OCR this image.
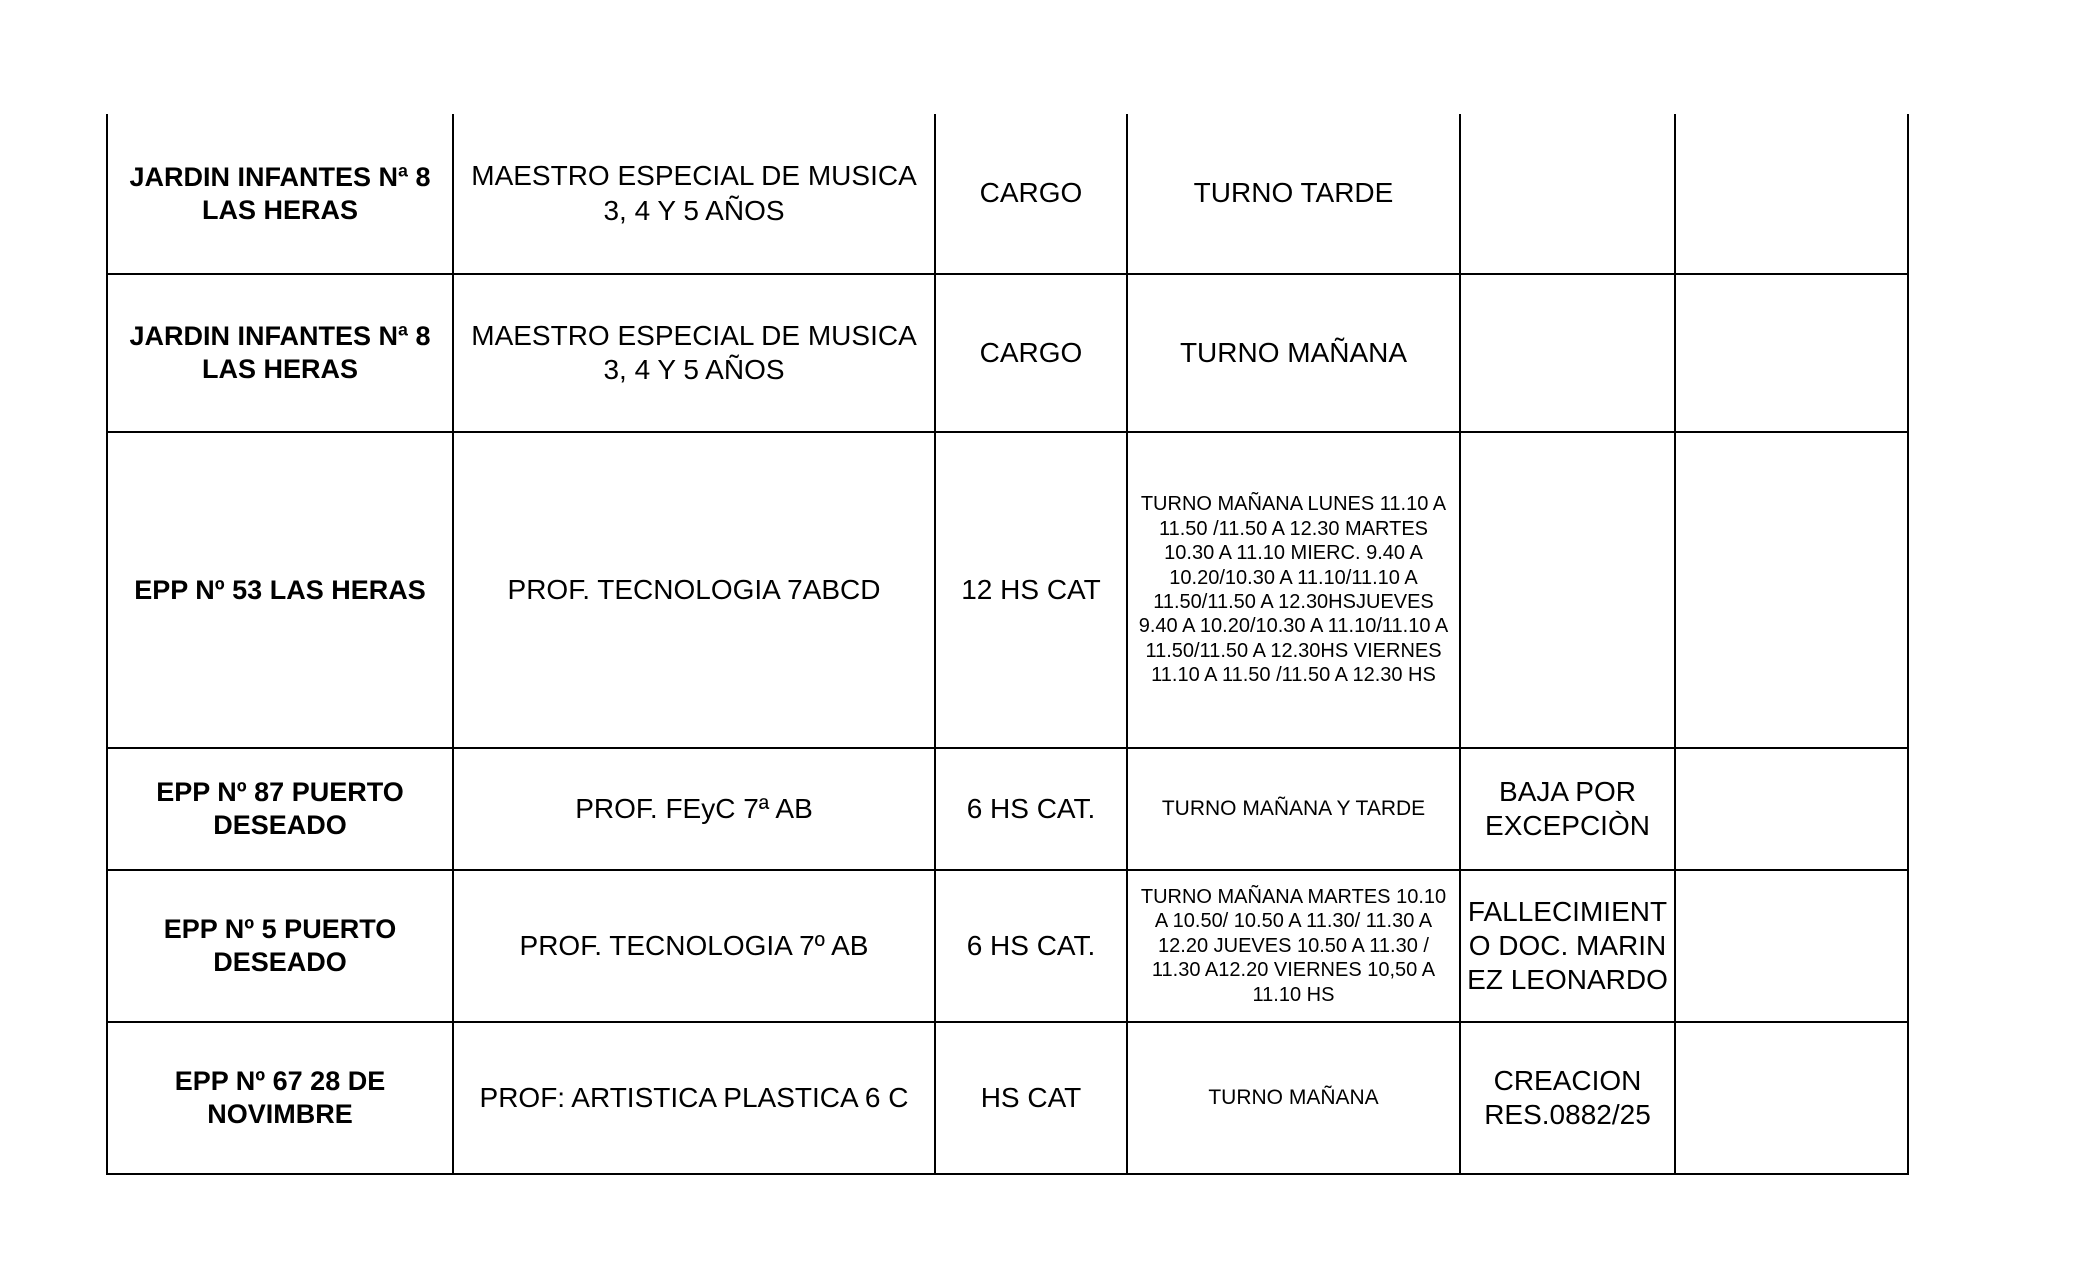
JARDIN INFANTES Nª 8 LAS HERAS	MAESTRO ESPECIAL DE MUSICA 3, 4 Y 5 AÑOS	CARGO	TURNO TARDE		
JARDIN INFANTES Nª 8 LAS HERAS	MAESTRO ESPECIAL DE MUSICA 3, 4 Y 5 AÑOS	CARGO	TURNO MAÑANA		
EPP Nº 53 LAS HERAS	PROF. TECNOLOGIA 7ABCD	12 HS CAT	TURNO MAÑANA LUNES 11.10 A 11.50 /11.50 A 12.30 MARTES 10.30 A 11.10 MIERC. 9.40 A 10.20/10.30 A 11.10/11.10 A 11.50/11.50 A 12.30HSJUEVES 9.40 A 10.20/10.30 A 11.10/11.10 A 11.50/11.50 A 12.30HS VIERNES 11.10 A 11.50 /11.50 A 12.30 HS		
EPP Nº 87 PUERTO DESEADO	PROF. FEyC 7ª AB	6 HS CAT.	TURNO MAÑANA Y TARDE	BAJA POR EXCEPCIÒN	
EPP Nº 5 PUERTO DESEADO	PROF. TECNOLOGIA 7º AB	6 HS CAT.	TURNO MAÑANA MARTES 10.10 A 10.50/ 10.50 A 11.30/ 11.30 A 12.20 JUEVES 10.50 A 11.30 / 11.30 A12.20 VIERNES 10,50 A 11.10 HS	FALLECIMIENTO DOC. MARINEZ LEONARDO	
EPP Nº 67 28 DE NOVIMBRE	PROF: ARTISTICA PLASTICA 6 C	HS CAT	TURNO MAÑANA	CREACION RES.0882/25	
